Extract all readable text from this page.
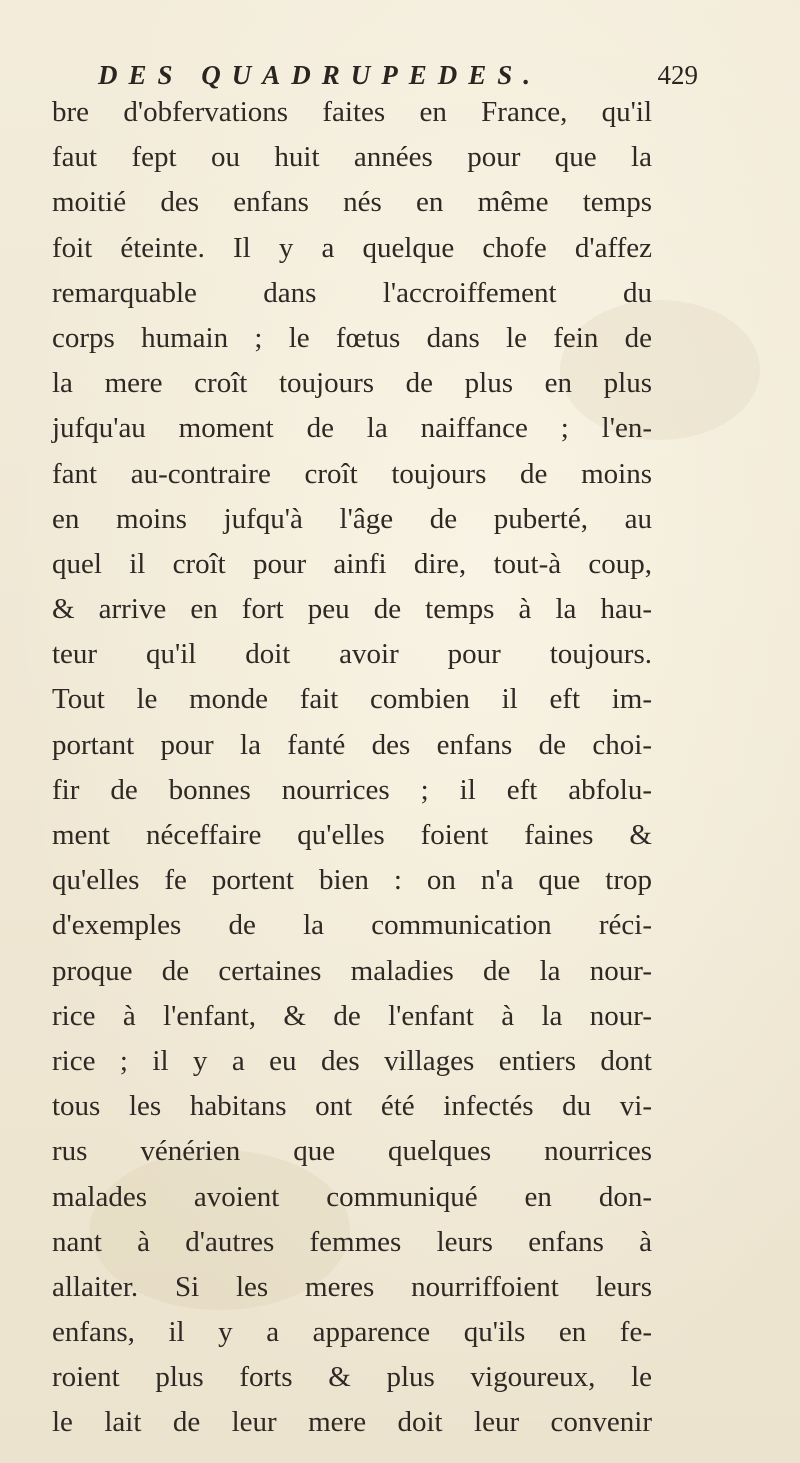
DES QUADRUPEDES.	429
bre d'obfervations faites en France, qu'il
faut fept ou huit années pour que la
moitié des enfans nés en même temps
foit éteinte. Il y a quelque chofe d'affez
remarquable dans l'accroiffement du
corps humain ; le fœtus dans le fein de
la mere croît toujours de plus en plus
jufqu'au moment de la naiffance ; l'en-
fant au-contraire croît toujours de moins
en moins jufqu'à l'âge de puberté, au
quel il croît pour ainfi dire, tout-à coup,
& arrive en fort peu de temps à la hau-
teur qu'il doit avoir pour toujours.
Tout le monde fait combien il eft im-
portant pour la fanté des enfans de choi-
fir de bonnes nourrices ; il eft abfolu-
ment néceffaire qu'elles foient faines &
qu'elles fe portent bien : on n'a que trop
d'exemples de la communication réci-
proque de certaines maladies de la nour-
rice à l'enfant, & de l'enfant à la nour-
rice ; il y a eu des villages entiers dont
tous les habitans ont été infectés du vi-
rus vénérien que quelques nourrices
malades avoient communiqué en don-
nant à d'autres femmes leurs enfans à
allaiter. Si les meres nourriffoient leurs
enfans, il y a apparence qu'ils en fe-
roient plus forts & plus vigoureux, le
le lait de leur mere doit leur convenir
